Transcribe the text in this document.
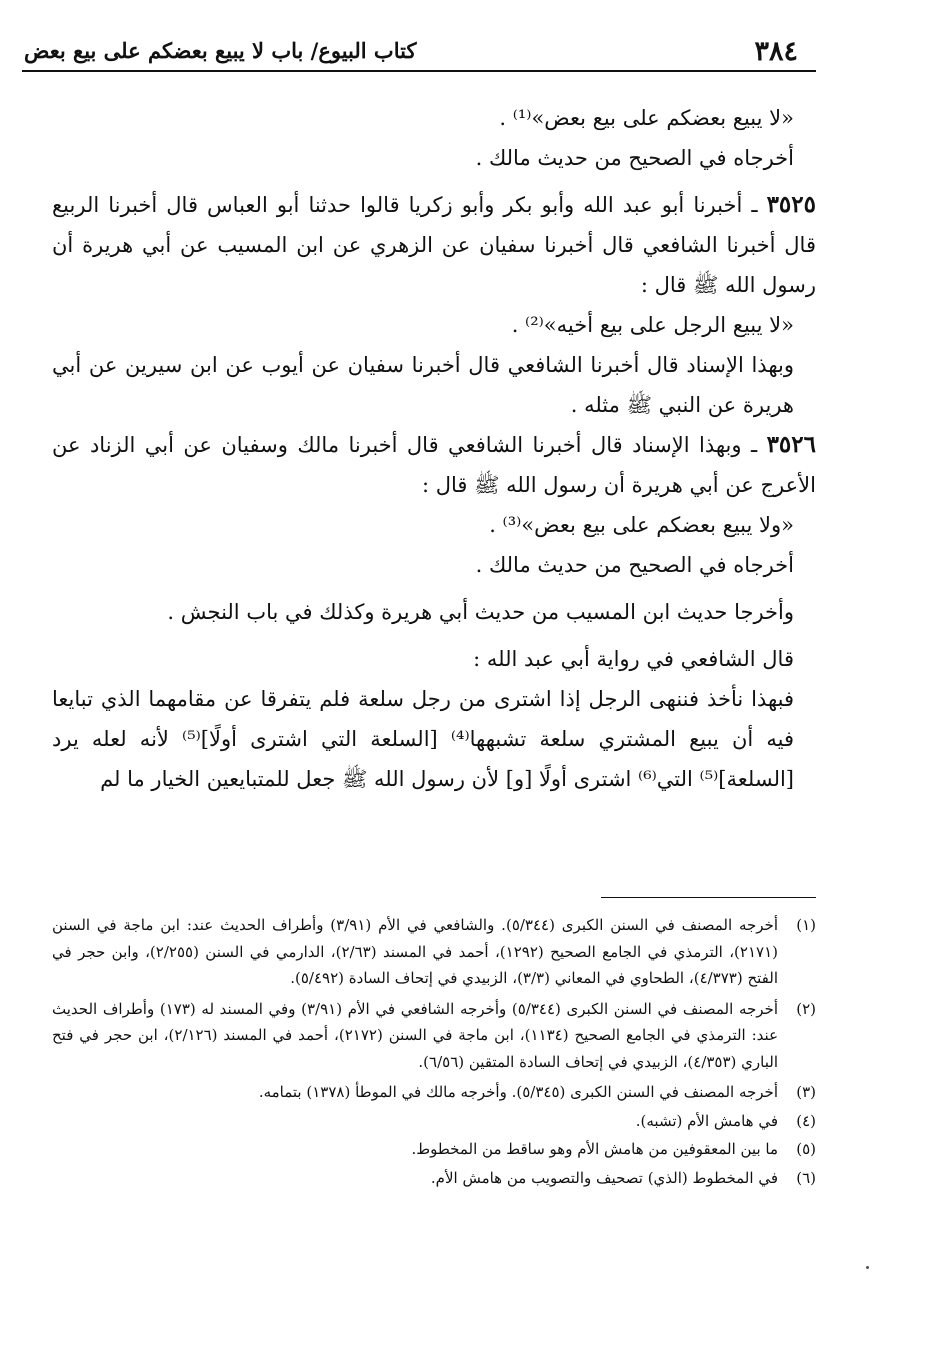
٣٨٤
كتاب البيوع/ باب لا يبيع بعضكم على بيع بعض

«لا يبيع بعضكم على بيع بعض»⁽¹⁾ .

أخرجاه في الصحيح من حديث مالك .

٣٥٢٥ ـ أخبرنا أبو عبد الله وأبو بكر وأبو زكريا قالوا حدثنا أبو العباس قال أخبرنا الربيع قال أخبرنا الشافعي قال أخبرنا سفيان عن الزهري عن ابن المسيب عن أبي هريرة أن رسول الله ﷺ قال :

«لا يبيع الرجل على بيع أخيه»⁽²⁾ .

وبهذا الإسناد قال أخبرنا الشافعي قال أخبرنا سفيان عن أيوب عن ابن سيرين عن أبي هريرة عن النبي ﷺ مثله .

٣٥٢٦ ـ وبهذا الإسناد قال أخبرنا الشافعي قال أخبرنا مالك وسفيان عن أبي الزناد عن الأعرج عن أبي هريرة أن رسول الله ﷺ قال :

«ولا يبيع بعضكم على بيع بعض»⁽³⁾ .

أخرجاه في الصحيح من حديث مالك .

وأخرجا حديث ابن المسيب من حديث أبي هريرة وكذلك في باب النجش .

قال الشافعي في رواية أبي عبد الله :

فبهذا نأخذ فننهى الرجل إذا اشترى من رجل سلعة فلم يتفرقا عن مقامهما الذي تبايعا فيه أن يبيع المشتري سلعة تشبهها⁽⁴⁾ [السلعة التي اشترى أولًا]⁽⁵⁾ لأنه لعله يرد [السلعة]⁽⁵⁾ التي⁽⁶⁾ اشترى أولًا [و] لأن رسول الله ﷺ جعل للمتبايعين الخيار ما لم

(١)
أخرجه المصنف في السنن الكبرى (٥/٣٤٤). والشافعي في الأم (٣/٩١) وأطراف الحديث عند: ابن ماجة في السنن (٢١٧١)، الترمذي في الجامع الصحيح (١٢٩٢)، أحمد في المسند (٢/٦٣)، الدارمي في السنن (٢/٢٥٥)، وابن حجر في الفتح (٤/٣٧٣)، الطحاوي في المعاني (٣/٣)، الزبيدي في إتحاف السادة (٥/٤٩٢).
(٢)
أخرجه المصنف في السنن الكبرى (٥/٣٤٤) وأخرجه الشافعي في الأم (٣/٩١) وفي المسند له (١٧٣) وأطراف الحديث عند: الترمذي في الجامع الصحيح (١١٣٤)، ابن ماجة في السنن (٢١٧٢)، أحمد في المسند (٢/١٢٦)، ابن حجر في فتح الباري (٤/٣٥٣)، الزبيدي في إتحاف السادة المتقين (٦/٥٦).
(٣)
أخرجه المصنف في السنن الكبرى (٥/٣٤٥). وأخرجه مالك في الموطأ (١٣٧٨) بتمامه.
(٤)
في هامش الأم (تشبه).
(٥)
ما بين المعقوفين من هامش الأم وهو ساقط من المخطوط.
(٦)
في المخطوط (الذي) تصحيف والتصويب من هامش الأم.
